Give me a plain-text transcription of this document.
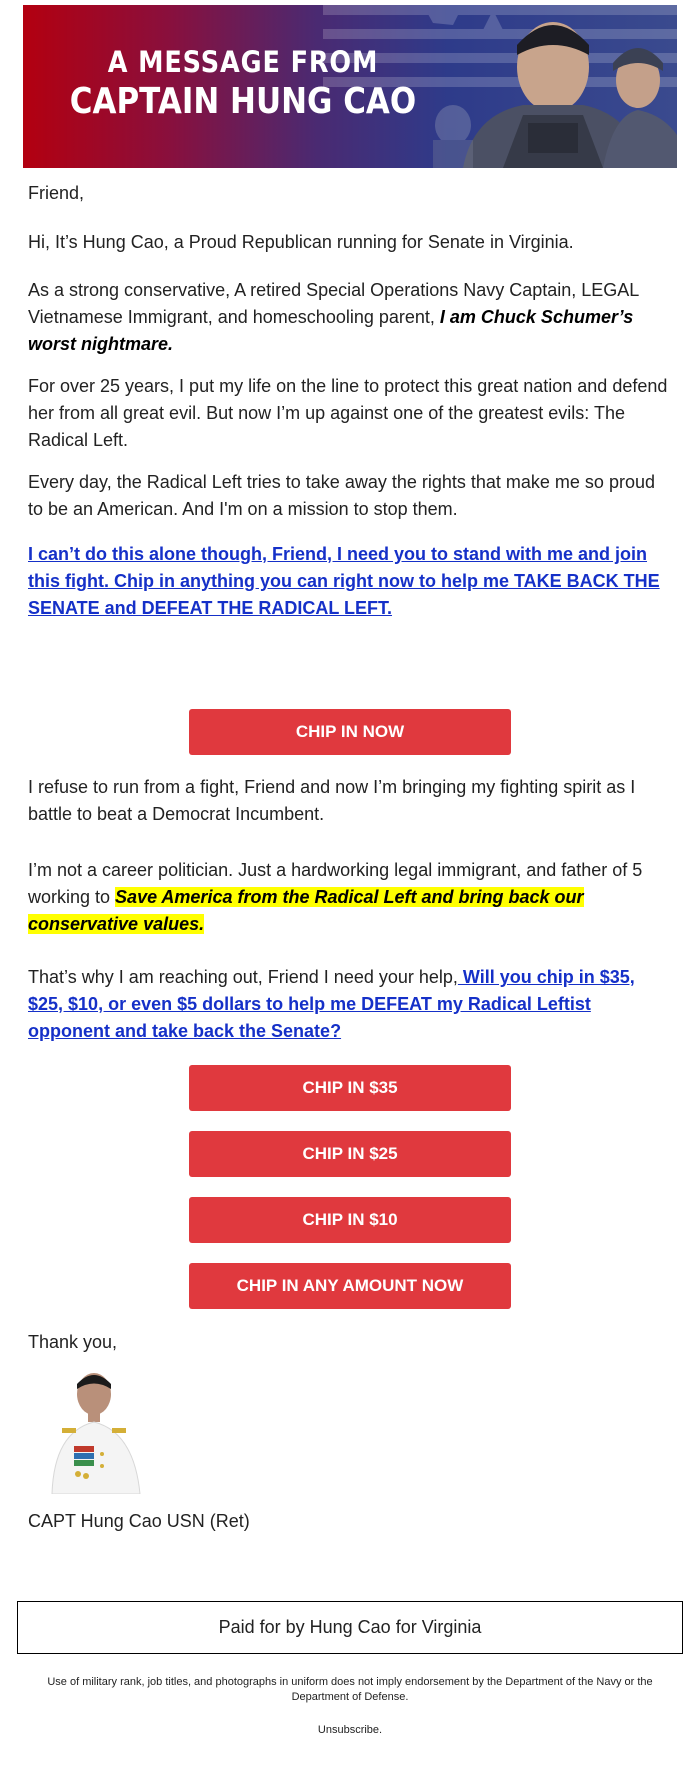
A MESSAGE FROM
CAPTAIN HUNG CAO

Friend,

Hi, It’s Hung Cao, a Proud Republican running for Senate in Virginia.

As a strong conservative, A retired Special Operations Navy Captain, LEGAL Vietnamese Immigrant, and homeschooling parent, I am Chuck Schumer’s worst nightmare.

For over 25 years, I put my life on the line to protect this great nation and defend her from all great evil. But now I’m up against one of the greatest evils: The Radical Left.

Every day, the Radical Left tries to take away the rights that make me so proud to be an American. And I'm on a mission to stop them.

I can’t do this alone though, Friend, I need you to stand with me and join this fight. Chip in anything you can right now to help me TAKE BACK THE SENATE and DEFEAT THE RADICAL LEFT.

CHIP IN NOW

I refuse to run from a fight, Friend and now I’m bringing my fighting spirit as I battle to beat a Democrat Incumbent.

I’m not a career politician. Just a hardworking legal immigrant, and father of 5 working to Save America from the Radical Left and bring back our conservative values.

That’s why I am reaching out, Friend I need your help, Will you chip in $35, $25, $10, or even $5 dollars to help me DEFEAT my Radical Leftist opponent and take back the Senate?

CHIP IN $35
CHIP IN $25
CHIP IN $10
CHIP IN ANY AMOUNT NOW

Thank you,

CAPT Hung Cao USN (Ret)

Paid for by Hung Cao for Virginia
Use of military rank, job titles, and photographs in uniform does not imply endorsement by the Department of the Navy or the Department of Defense.
Unsubscribe.
